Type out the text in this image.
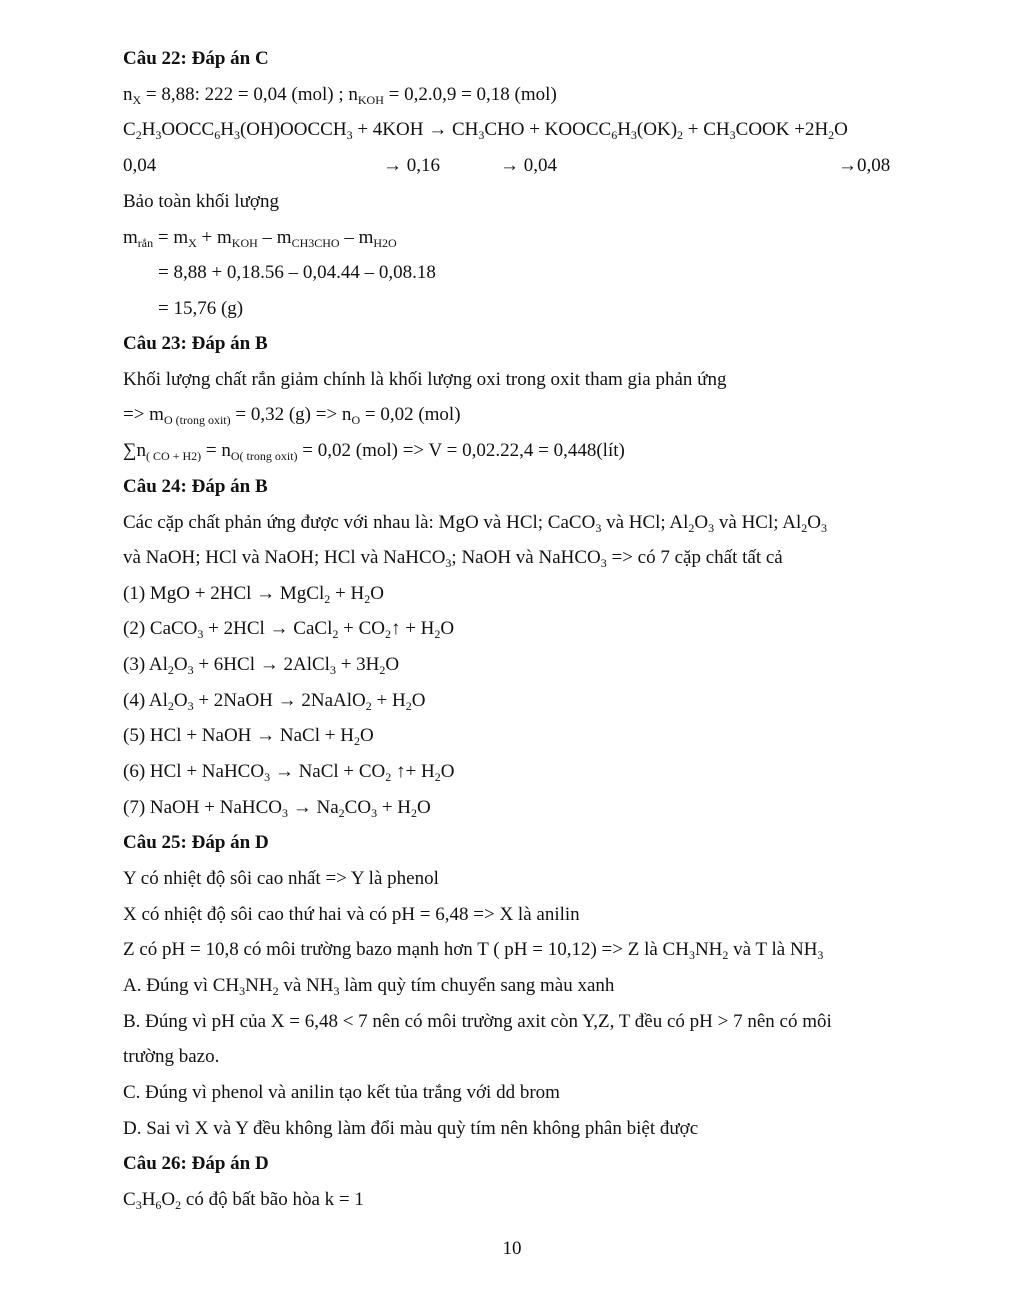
Câu 22: Đáp án C
$n_X = 8,88$: 222 = 0,04 (mol) ; $n_{KOH} = 0,2.0,9 = 0,18$ (mol)
$C_2H_3OOCC_6H_3(OH)OOCCH_3 + 4KOH \to CH_3CHO$ + $KOOCC_6H_3(OK)_2$ + $CH_3COOK +2H_2O$
0,04	→ 0,16	→ 0,04	→0,08
Bảo toàn khối lượng
$m_{rắn} = m_X + m_{KOH} - m_{CH3CHO} - m_{H2O}$
= 8,88 + 0,18.56 – 0,04.44 – 0,08.18
= 15,76 (g)
Câu 23: Đáp án B
Khối lượng chất rắn giảm chính là khối lượng oxi trong oxit tham gia phản ứng
=> $m_{O (trong oxit)} = 0,32$ $(g) => n_O = 0,02$ (mol)
$\sum n_{( CO + H2)} = n_{O( trong oxit)} = 0,02$ (mol) => V = 0,02.22,4 = 0,448(lít)
Câu 24: Đáp án B
Các cặp chất phản ứng được với nhau là: MgO và HCl; CaCO$_3$ và HCl; $Al_2O_3$ và HCl; $Al_2O_3$
và NaOH; HCl và NaOH; HCl và NaHCO$_3$; NaOH và NaHCO$_3$ => có 7 cặp chất tất cả
(1) MgO + 2HCl → MgCl$_2$ + $H_2O$
(2) CaCO$_3$ + 2HCl → CaCl$_2$ + $CO_2↑ + H_2O$
(3) $Al_2O_3 + 6HCl$ → 2AlCl$_3$ + $3H_2O$
(4) $Al_2O_3$ + 2NaOH → 2NaAlO$_2$ + $H_2O$
(5) HCl + NaOH → NaCl + $H_2O$
(6) HCl + NaHCO$_3$ → NaCl + $CO_2$ ↑+ $H_2O$
(7) NaOH + NaHCO$_3$ → $Na_2CO_3 + H_2O$
Câu 25: Đáp án D
Y có nhiệt độ sôi cao nhất => Y là phenol
X có nhiệt độ sôi cao thứ hai và có pH = 6,48 => X là anilin
Z có pH = 10,8 có môi trường bazo mạnh hơn T ( pH = 10,12) => Z là $CH_3NH_2$ và T là $NH_3$
A. Đúng vì $CH_3NH_2$ và $NH_3$ làm quỳ tím chuyển sang màu xanh
B. Đúng vì pH của X = 6,48 < 7 nên có môi trường axit còn Y,Z, T đều có pH > 7 nên có môi
trường bazo.
C. Đúng vì phenol và anilin tạo kết tủa trắng với dd brom
D. Sai vì X và Y đều không làm đổi màu quỳ tím nên không phân biệt được
Câu 26: Đáp án D
$C_3H_6O_2$ có độ bất bão hòa k = 1
10
